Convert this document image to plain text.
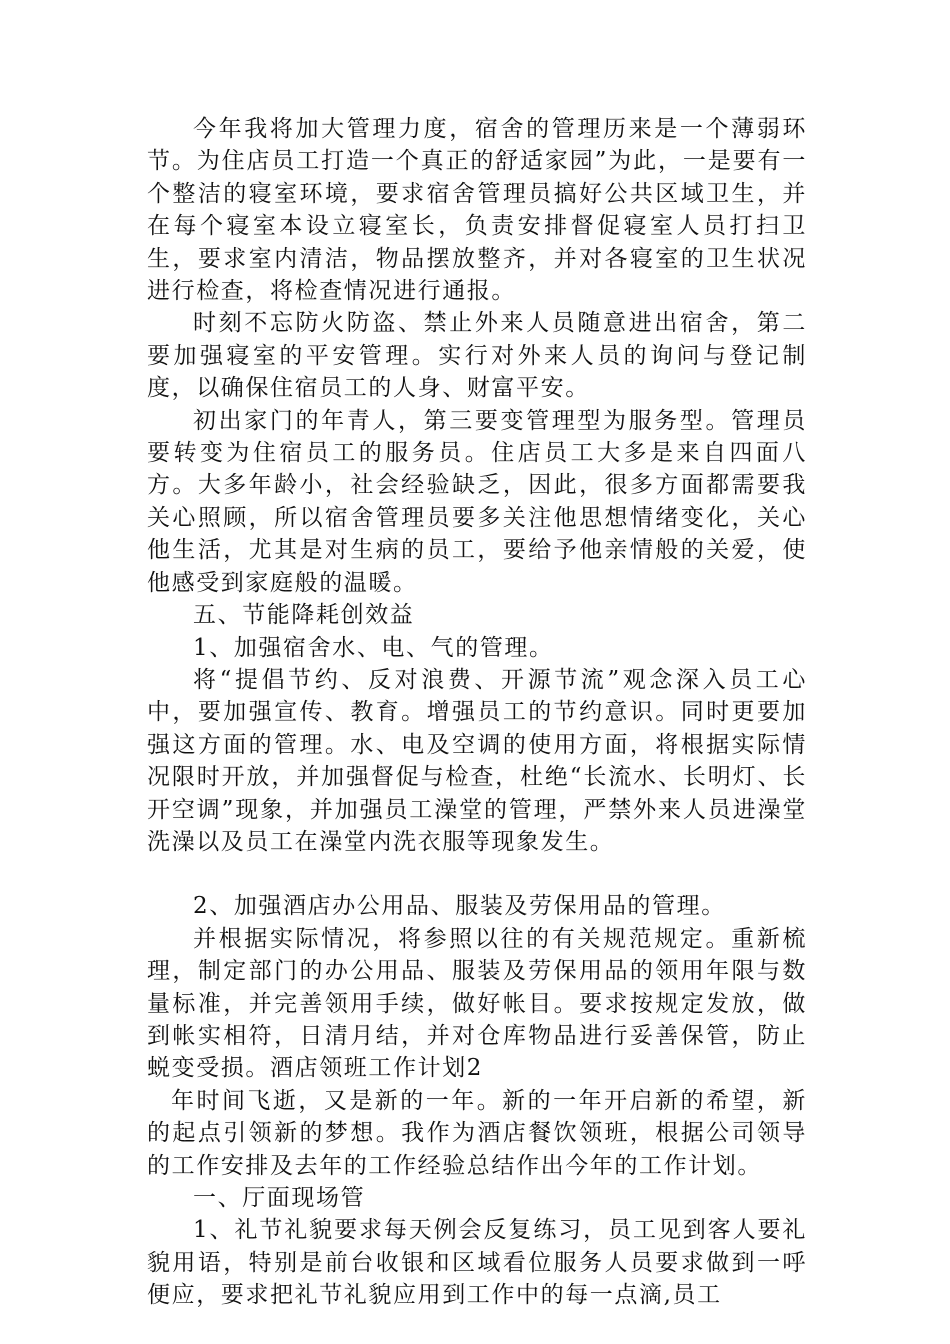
今年我将加大管理力度，宿舍的管理历来是一个薄弱环节。为住店员工打造一个真正的舒适家园”为此，一是要有一个整洁的寝室环境，要求宿舍管理员搞好公共区域卫生，并在每个寝室本设立寝室长，负责安排督促寝室人员打扫卫生，要求室内清洁，物品摆放整齐，并对各寝室的卫生状况进行检查，将检查情况进行通报。

时刻不忘防火防盗、禁止外来人员随意进出宿舍，第二要加强寝室的平安管理。实行对外来人员的询问与登记制度，以确保住宿员工的人身、财富平安。

初出家门的年青人，第三要变管理型为服务型。管理员要转变为住宿员工的服务员。住店员工大多是来自四面八方。大多年龄小，社会经验缺乏，因此，很多方面都需要我关心照顾，所以宿舍管理员要多关注他思想情绪变化，关心他生活，尤其是对生病的员工，要给予他亲情般的关爱，使他感受到家庭般的温暖。

五、节能降耗创效益

1、加强宿舍水、电、气的管理。

将“提倡节约、反对浪费、开源节流”观念深入员工心中，要加强宣传、教育。增强员工的节约意识。同时更要加强这方面的管理。水、电及空调的使用方面，将根据实际情况限时开放，并加强督促与检查，杜绝“长流水、长明灯、长开空调”现象，并加强员工澡堂的管理，严禁外来人员进澡堂洗澡以及员工在澡堂内洗衣服等现象发生。

2、加强酒店办公用品、服装及劳保用品的管理。

并根据实际情况，将参照以往的有关规范规定。重新梳理，制定部门的办公用品、服装及劳保用品的领用年限与数量标准，并完善领用手续，做好帐目。要求按规定发放，做到帐实相符，日清月结，并对仓库物品进行妥善保管，防止蜕变受损。酒店领班工作计划2

年时间飞逝，又是新的一年。新的一年开启新的希望，新的起点引领新的梦想。我作为酒店餐饮领班，根据公司领导的工作安排及去年的工作经验总结作出今年的工作计划。

一、厅面现场管

1、礼节礼貌要求每天例会反复练习，员工见到客人要礼貌用语，特别是前台收银和区域看位服务人员要求做到一呼便应，要求把礼节礼貌应用到工作中的每一点滴,员工
